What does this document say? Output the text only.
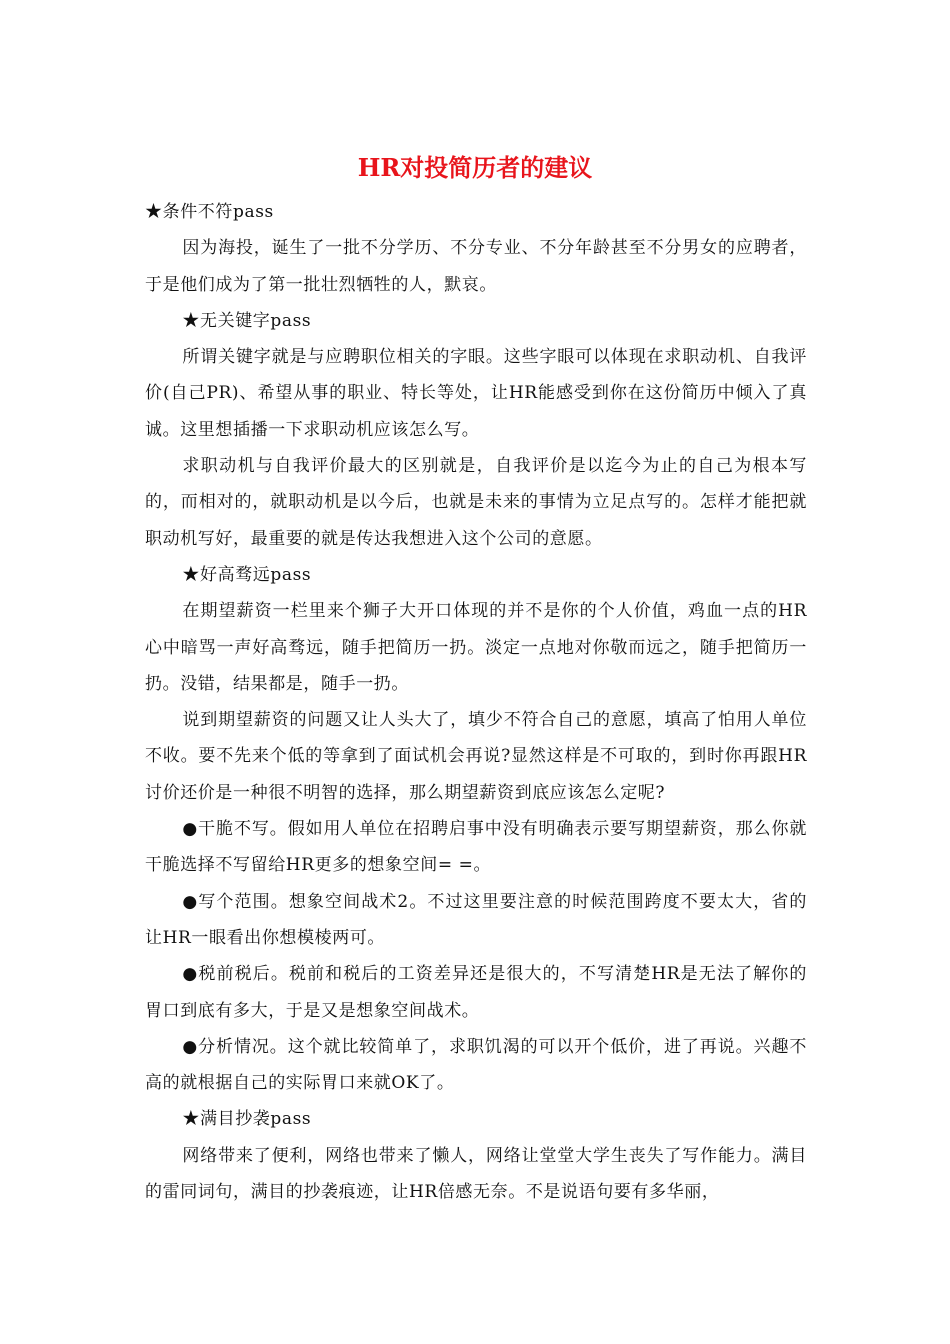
HR对投简历者的建议

★条件不符pass

因为海投，诞生了一批不分学历、不分专业、不分年龄甚至不分男女的应聘者，于是他们成为了第一批壮烈牺牲的人，默哀。

★无关键字pass

所谓关键字就是与应聘职位相关的字眼。这些字眼可以体现在求职动机、自我评价(自己PR)、希望从事的职业、特长等处，让HR能感受到你在这份简历中倾入了真诚。这里想插播一下求职动机应该怎么写。

求职动机与自我评价最大的区别就是，自我评价是以迄今为止的自己为根本写的，而相对的，就职动机是以今后，也就是未来的事情为立足点写的。怎样才能把就职动机写好，最重要的就是传达我想进入这个公司的意愿。

★好高骛远pass

在期望薪资一栏里来个狮子大开口体现的并不是你的个人价值，鸡血一点的HR心中暗骂一声好高骛远，随手把简历一扔。淡定一点地对你敬而远之，随手把简历一扔。没错，结果都是，随手一扔。

说到期望薪资的问题又让人头大了，填少不符合自己的意愿，填高了怕用人单位不收。要不先来个低的等拿到了面试机会再说?显然这样是不可取的，到时你再跟HR讨价还价是一种很不明智的选择，那么期望薪资到底应该怎么定呢?

●干脆不写。假如用人单位在招聘启事中没有明确表示要写期望薪资，那么你就干脆选择不写留给HR更多的想象空间= =。

●写个范围。想象空间战术2。不过这里要注意的时候范围跨度不要太大，省的让HR一眼看出你想模棱两可。

●税前税后。税前和税后的工资差异还是很大的，不写清楚HR是无法了解你的胃口到底有多大，于是又是想象空间战术。

●分析情况。这个就比较简单了，求职饥渴的可以开个低价，进了再说。兴趣不高的就根据自己的实际胃口来就OK了。

★满目抄袭pass

网络带来了便利，网络也带来了懒人，网络让堂堂大学生丧失了写作能力。满目的雷同词句，满目的抄袭痕迹，让HR倍感无奈。不是说语句要有多华丽，
